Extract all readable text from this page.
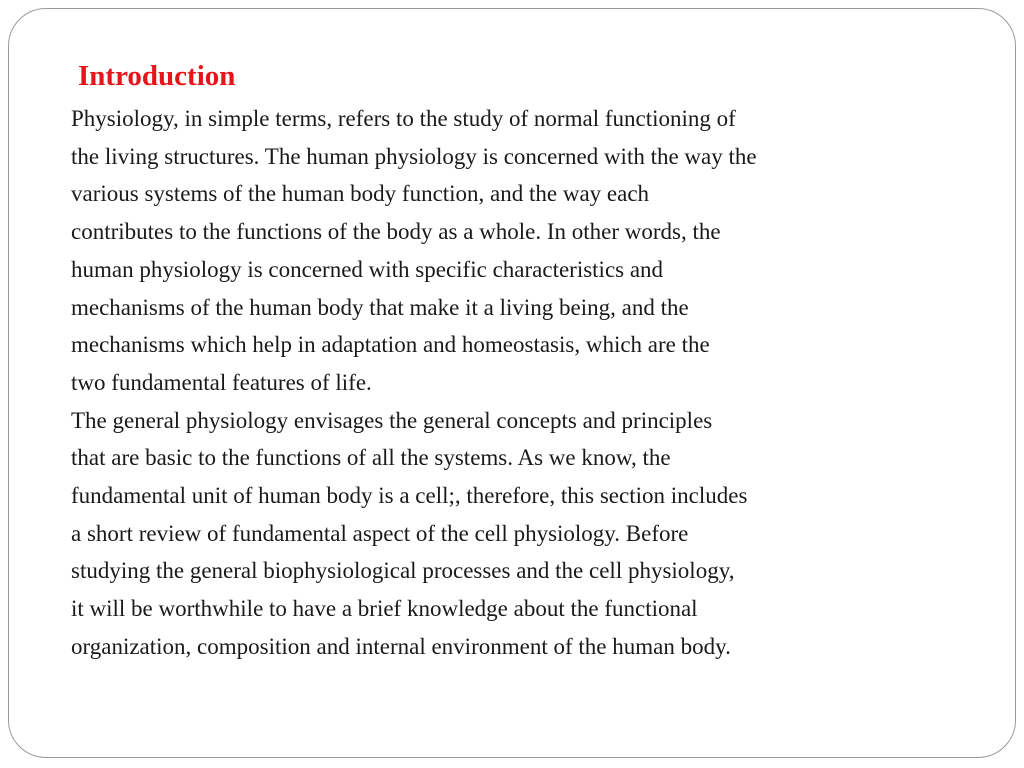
Introduction
Physiology, in simple terms, refers to the study of normal functioning of
the living structures. The human physiology is concerned with the way the
various systems of the human body function, and the way each
contributes to the functions of the body as a whole. In other words, the
human physiology is concerned with specific characteristics and
mechanisms of the human body that make it a living being, and the
mechanisms which help in adaptation and homeostasis, which are the
two fundamental features of life.
The general physiology envisages the general concepts and principles
that are basic to the functions of all the systems. As we know, the
fundamental unit of human body is a cell;, therefore, this section includes
a short review of fundamental aspect of the cell physiology. Before
studying the general biophysiological processes and the cell physiology,
it will be worthwhile to have a brief knowledge about the functional
organization, composition and internal environment of the human body.
